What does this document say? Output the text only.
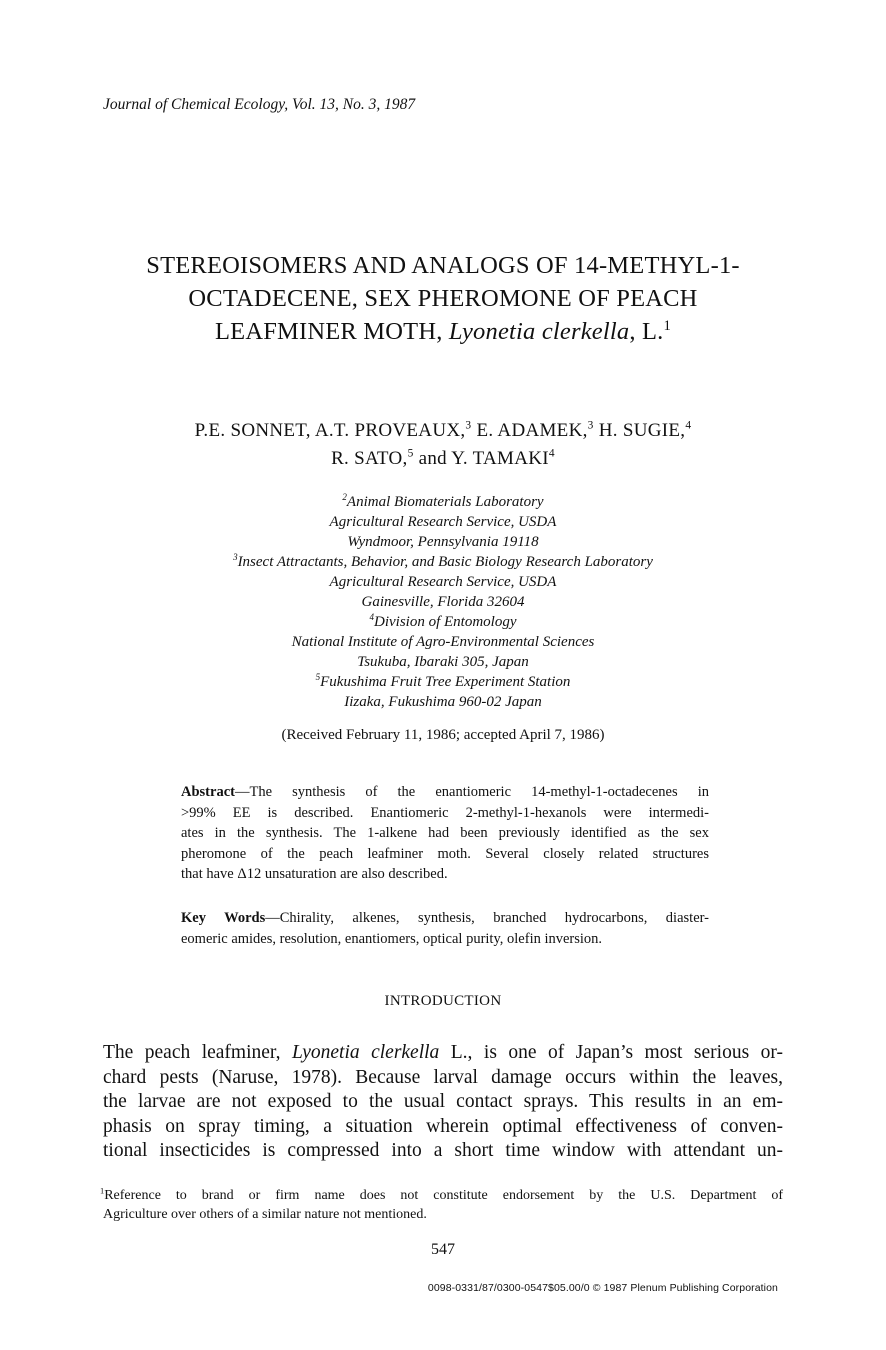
Journal of Chemical Ecology, Vol. 13, No. 3, 1987
STEREOISOMERS AND ANALOGS OF 14-METHYL-1-
OCTADECENE, SEX PHEROMONE OF PEACH
LEAFMINER MOTH, Lyonetia clerkella, L.$^1$
P.E. SONNET, A.T. PROVEAUX,$^3$ E. ADAMEK,$^3$ H. SUGIE,$^4$
R. SATO,$^5$ and Y. TAMAKI$^4$
$^2$Animal Biomaterials Laboratory
Agricultural Research Service, USDA
Wyndmoor, Pennsylvania 19118
$^3$Insect Attractants, Behavior, and Basic Biology Research Laboratory
Agricultural Research Service, USDA
Gainesville, Florida 32604
$^4$Division of Entomology
National Institute of Agro-Environmental Sciences
Tsukuba, Ibaraki 305, Japan
$^5$Fukushima Fruit Tree Experiment Station
Iizaka, Fukushima 960-02 Japan
(Received February 11, 1986; accepted April 7, 1986)
Abstract—The synthesis of the enantiomeric 14-methyl-1-octadecenes in
>99% EE is described. Enantiomeric 2-methyl-1-hexanols were intermedi-
ates in the synthesis. The 1-alkene had been previously identified as the sex
pheromone of the peach leafminer moth. Several closely related structures
that have Δ12 unsaturation are also described.
Key Words—Chirality, alkenes, synthesis, branched hydrocarbons, diaster-
eomeric amides, resolution, enantiomers, optical purity, olefin inversion.
INTRODUCTION
The peach leafminer, Lyonetia clerkella L., is one of Japan’s most serious or-
chard pests (Naruse, 1978). Because larval damage occurs within the leaves,
the larvae are not exposed to the usual contact sprays. This results in an em-
phasis on spray timing, a situation wherein optimal effectiveness of conven-
tional insecticides is compressed into a short time window with attendant un-
$^1$Reference to brand or firm name does not constitute endorsement by the U.S. Department of
Agriculture over others of a similar nature not mentioned.
547
0098-0331/87/0300-0547$05.00/0 © 1987 Plenum Publishing Corporation
